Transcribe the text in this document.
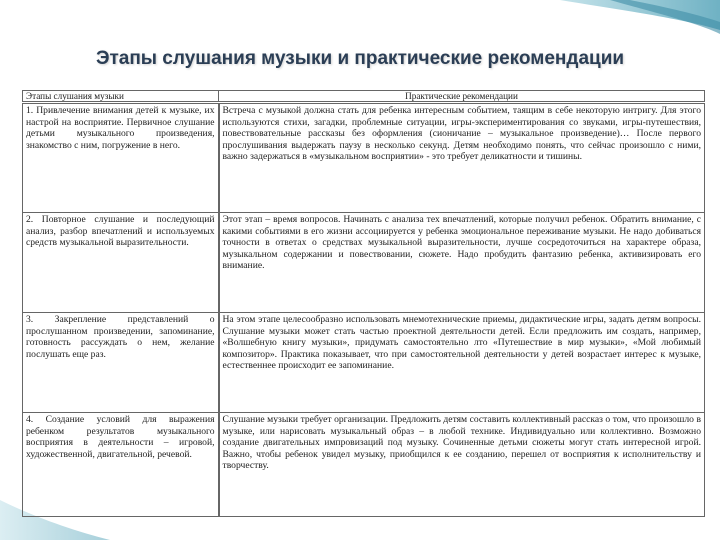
Этапы слушания музыки и практические рекомендации
Этапы слушания музыки	Практические рекомендации
1. Привлечение внимания детей к музыке, их настрой на восприятие. Первичное слушание детьми музыкального произведения, знакомство с ним, погружение в него.	Встреча с музыкой должна стать для ребенка интересным событием, таящим в себе некоторую интригу. Для этого используются стихи, загадки, проблемные ситуации, игры-экспериментирования со звуками, игры-путешествия, повествовательные рассказы без оформления (сионичание – музыкальное произведение)… После первого прослушивания выдержать паузу в несколько секунд. Детям необходимо понять, что сейчас произошло с ними, важно задержаться в «музыкальном восприятии» - это требует деликатности и тишины.
2. Повторное слушание и последующий анализ, разбор впечатлений и используемых средств музыкальной выразительности.	Этот этап – время вопросов. Начинать с анализа тех впечатлений, которые получил ребенок. Обратить внимание, с какими событиями в его жизни ассоциируется у ребенка эмоциональное переживание музыки. Не надо добиваться точности в ответах о средствах музыкальной выразительности, лучше сосредоточиться на характере образа, музыкальном содержании и повествовании, сюжете. Надо пробудить фантазию ребенка, активизировать его внимание.
3. Закрепление представлений о прослушанном произведении, запоминание, готовность рассуждать о нем, желание послушать еще раз.	На этом этапе целесообразно использовать мнемотехнические приемы, дидактические игры, задать детям вопросы. Слушание музыки может стать частью проектной деятельности детей. Если предложить им создать, например, «Волшебную книгу музыки», придумать самостоятельно лто «Путешествие в мир музыки», «Мой любимый композитор». Практика показывает, что при самостоятельной деятельности у детей возрастает интерес к музыке, естественнее происходит ее запоминание.
4. Создание условий для выражения ребенком результатов музыкального восприятия в деятельности – игровой, художественной, двигательной, речевой.	Слушание музыки требует организации. Предложить детям составить коллективный рассказ о том, что произошло в музыке, или нарисовать музыкальный образ – в любой технике. Индивидуально или коллективно. Возможно создание двигательных импровизаций под музыку. Сочиненные детьми сюжеты могут стать интересной игрой. Важно, чтобы ребенок увидел музыку, приобщился к ее созданию, перешел от восприятия к исполнительству и творчеству.
